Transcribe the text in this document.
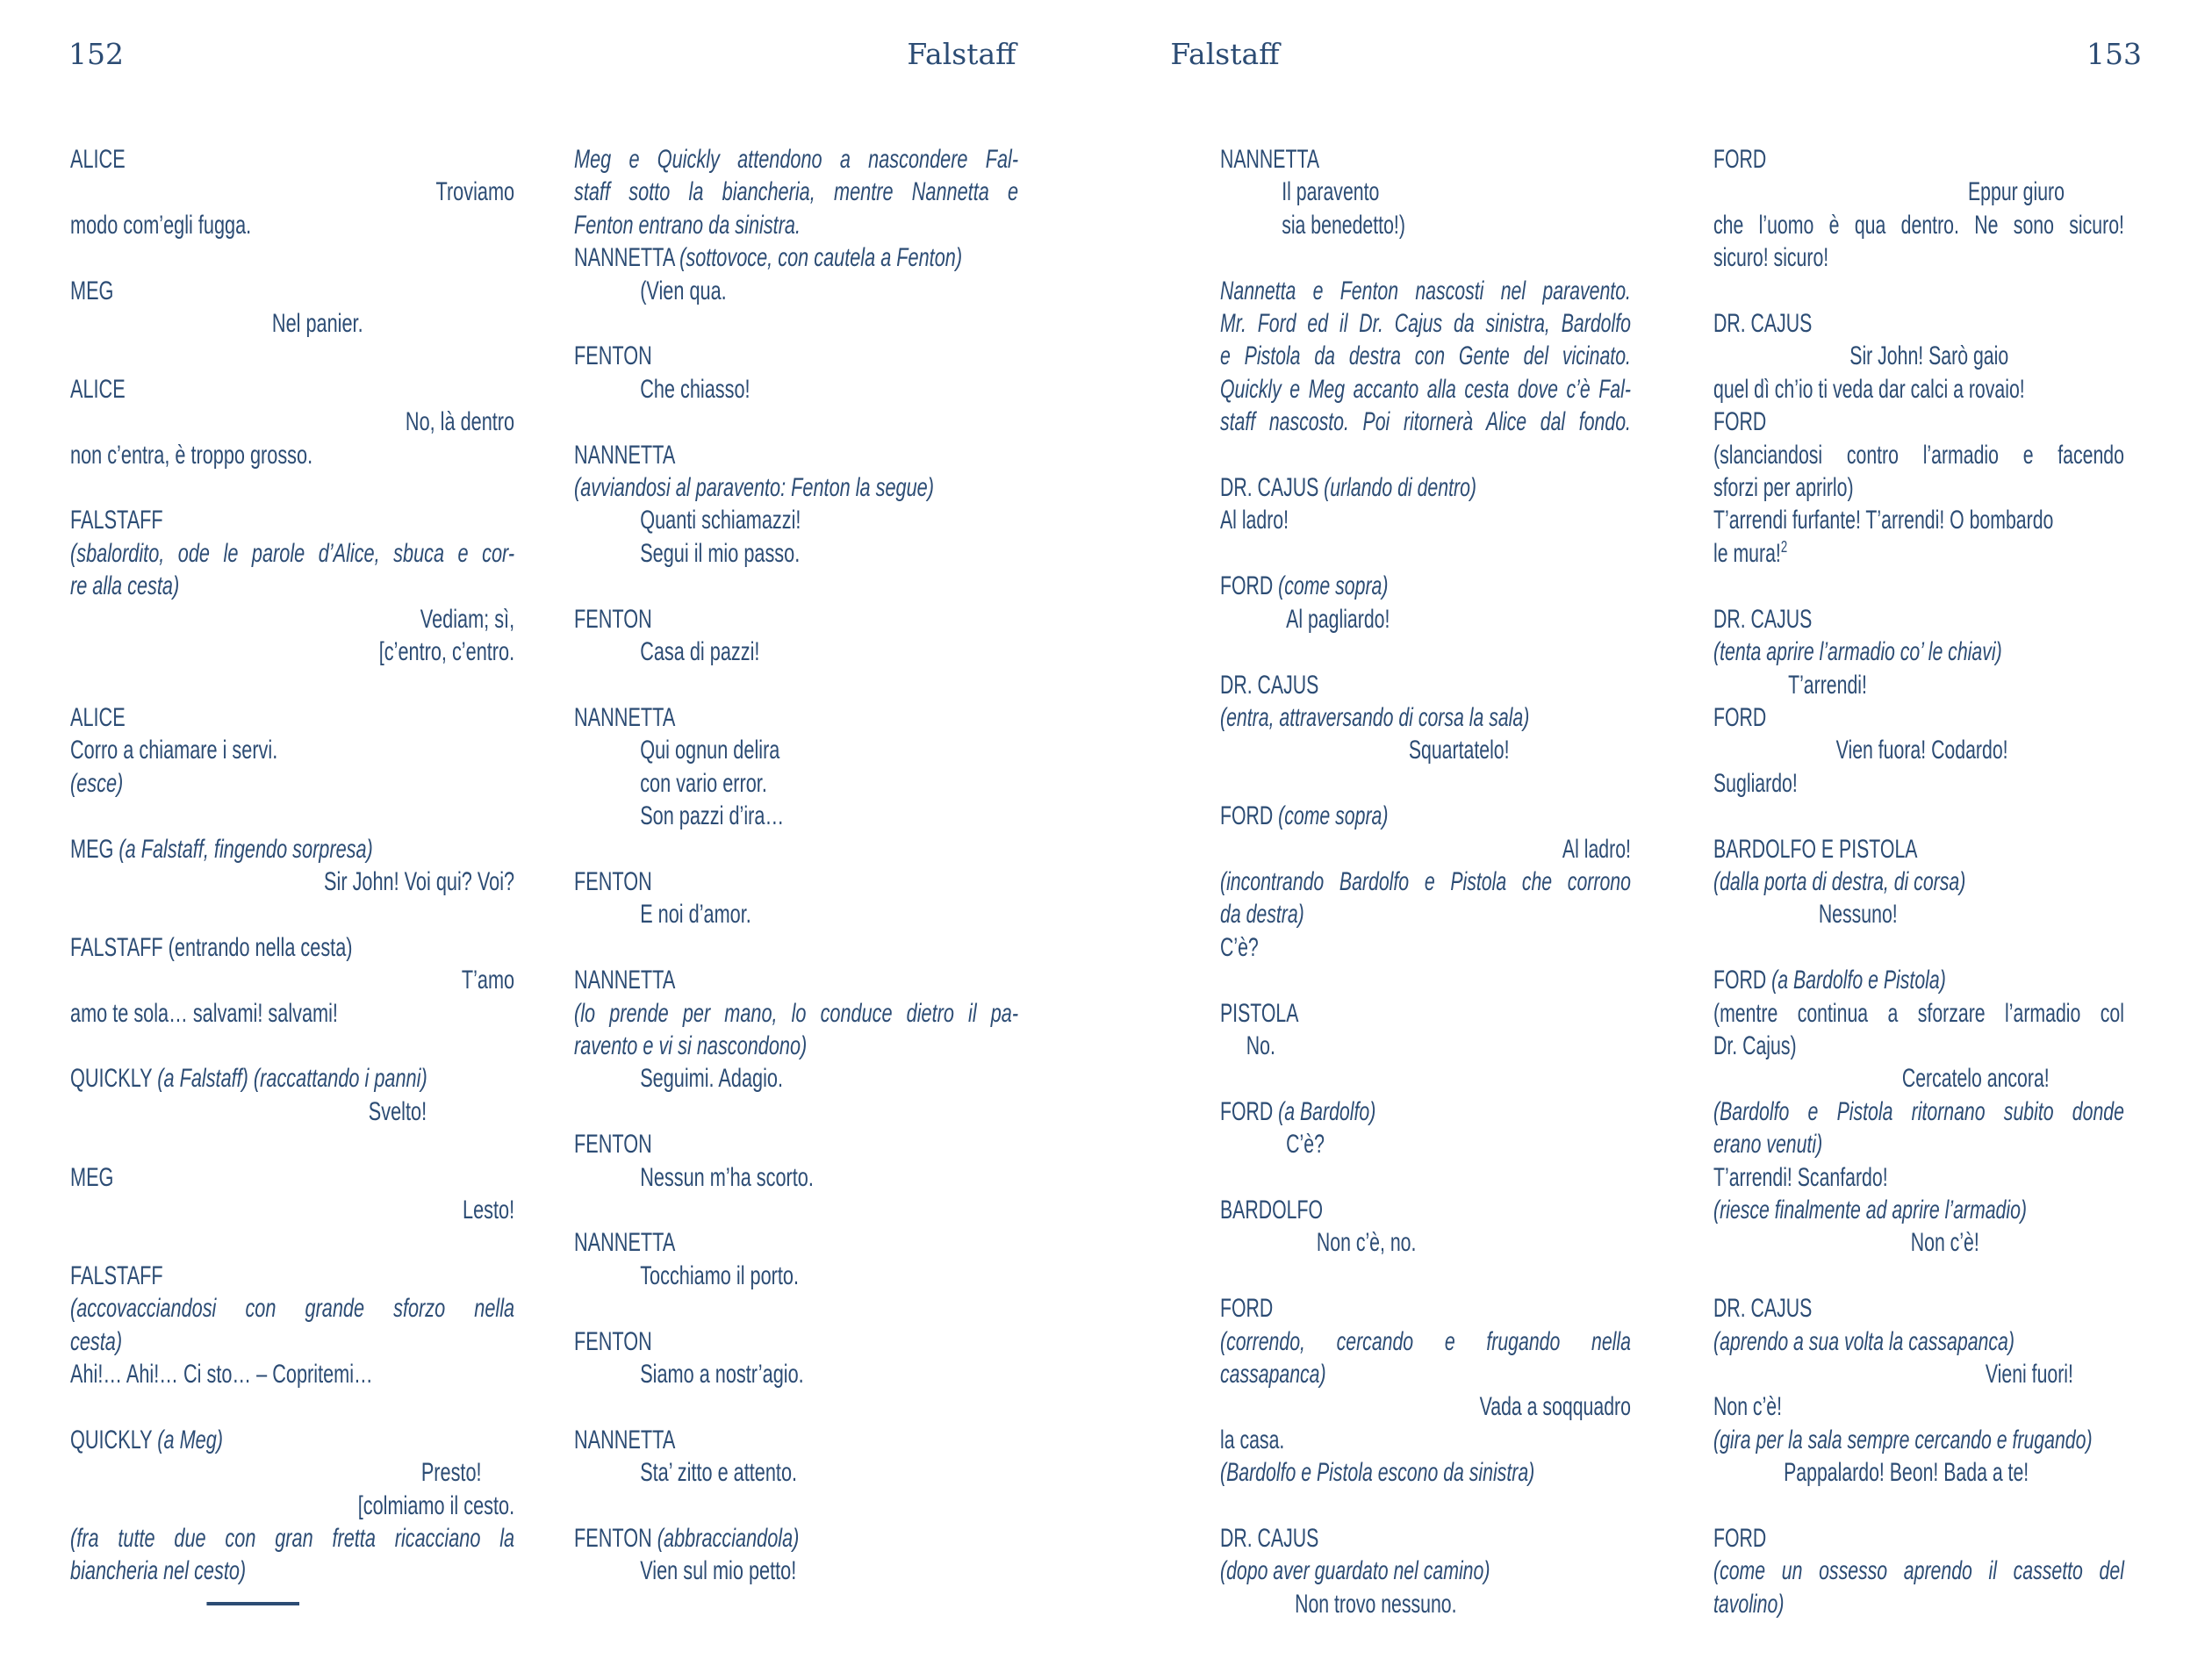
152	Falstaff	Falstaff	153
ALICE
Troviamo
modo com’egli fugga.

MEG
Nel panier.

ALICE
No, là dentro
non c’entra, è troppo grosso.

FALSTAFF
(sbalordito, ode le parole d’Alice, sbuca e cor-
re alla cesta)
Vediam; sì,
[c’entro, c’entro.

ALICE
Corro a chiamare i servi.
(esce)

MEG (a Falstaff, fingendo sorpresa)
Sir John! Voi qui? Voi?

FALSTAFF (entrando nella cesta)
T’amo
amo te sola… salvami! salvami!

QUICKLY (a Falstaff) (raccattando i panni)
Svelto!

MEG
Lesto!

FALSTAFF
(accovacciandosi con grande sforzo nella
cesta)
Ahi!… Ahi!… Ci sto… – Copritemi…

QUICKLY (a Meg)
Presto!
[colmiamo il cesto.
(fra tutte due con gran fretta ricacciano la
biancheria nel cesto)
Meg e Quickly attendono a nascondere Fal-
staff sotto la biancheria, mentre Nannetta e
Fenton entrano da sinistra.
NANNETTA (sottovoce, con cautela a Fenton)
(Vien qua.

FENTON
Che chiasso!

NANNETTA
(avviandosi al paravento: Fenton la segue)
Quanti schiamazzi!
Segui il mio passo.

FENTON
Casa di pazzi!

NANNETTA
Qui ognun delira
con vario error.
Son pazzi d’ira…

FENTON
E noi d’amor.

NANNETTA
(lo prende per mano, lo conduce dietro il pa-
ravento e vi si nascondono)
Seguimi. Adagio.

FENTON
Nessun m’ha scorto.

NANNETTA
Tocchiamo il porto.

FENTON
Siamo a nostr’agio.

NANNETTA
Sta’ zitto e attento.

FENTON (abbracciandola)
Vien sul mio petto!
NANNETTA
Il paravento
sia benedetto!)

Nannetta e Fenton nascosti nel paravento.
Mr. Ford ed il Dr. Cajus da sinistra, Bardolfo
e Pistola da destra con Gente del vicinato.
Quickly e Meg accanto alla cesta dove c’è Fal-
staff nascosto. Poi ritornerà Alice dal fondo.

DR. CAJUS (urlando di dentro)
Al ladro!

FORD (come sopra)
Al pagliardo!

DR. CAJUS
(entra, attraversando di corsa la sala)
Squartatelo!

FORD (come sopra)
Al ladro!
(incontrando Bardolfo e Pistola che corrono
da destra)
C’è?

PISTOLA
No.

FORD (a Bardolfo)
C’è?

BARDOLFO
Non c’è, no.

FORD
(correndo, cercando e frugando nella
cassapanca)
Vada a soqquadro
la casa.
(Bardolfo e Pistola escono da sinistra)

DR. CAJUS
(dopo aver guardato nel camino)
Non trovo nessuno.
FORD
Eppur giuro
che l’uomo è qua dentro. Ne sono sicuro!
sicuro! sicuro!

DR. CAJUS
Sir John! Sarò gaio
quel dì ch’io ti veda dar calci a rovaio!
FORD
(slanciandosi contro l’armadio e facendo
sforzi per aprirlo)
T’arrendi furfante! T’arrendi! O bombardo
le mura!$^2$

DR. CAJUS
(tenta aprire l’armadio co’ le chiavi)
T’arrendi!
FORD
Vien fuora! Codardo!
Sugliardo!

BARDOLFO E PISTOLA
(dalla porta di destra, di corsa)
Nessuno!

FORD (a Bardolfo e Pistola)
(mentre continua a sforzare l’armadio col
Dr. Cajus)
Cercatelo ancora!
(Bardolfo e Pistola ritornano subito donde
erano venuti)
T’arrendi! Scanfardo!
(riesce finalmente ad aprire l’armadio)
Non c’è!

DR. CAJUS
(aprendo a sua volta la cassapanca)
Vieni fuori!
Non c’è!
(gira per la sala sempre cercando e frugando)
Pappalardo! Beon! Bada a te!

FORD
(come un ossesso aprendo il cassetto del
tavolino)
